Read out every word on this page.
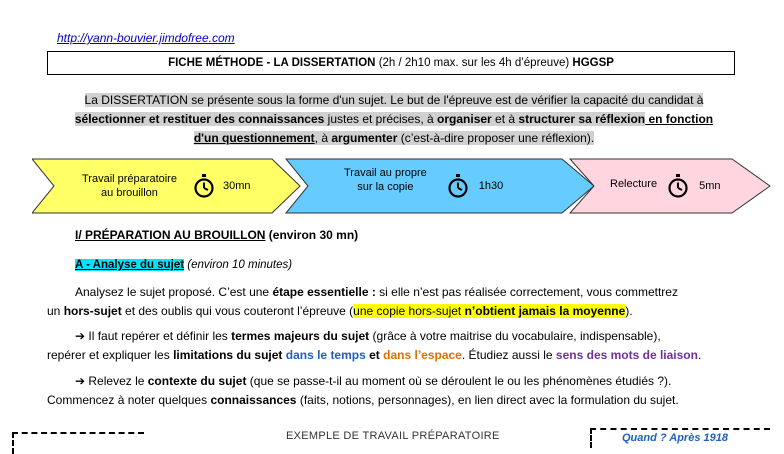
http://yann-bouvier.jimdofree.com
FICHE MÉTHODE - LA DISSERTATION (2h / 2h10 max. sur les 4h d’épreuve) HGGSP
La DISSERTATION se présente sous la forme d'un sujet. Le but de l'épreuve est de vérifier la capacité du candidat à
sélectionner et restituer des connaissances justes et précises, à organiser et à structurer sa réflexion en fonction
d'un questionnement, à argumenter (c’est-à-dire proposer une réflexion).
Travail préparatoire
au brouillon
30mn
Travail au propre
sur la copie	1h30	Relecture	5mn
I/ PRÉPARATION AU BROUILLON (environ 30 mn)
A - Analyse du sujet (environ 10 minutes)
Analysez le sujet proposé. C’est une étape essentielle : si elle n’est pas réalisée correctement, vous commettrez
un hors-sujet et des oublis qui vous couteront l’épreuve (une copie hors-sujet n’obtient jamais la moyenne).
➔ Il faut repérer et définir les termes majeurs du sujet (grâce à votre maitrise du vocabulaire, indispensable),
repérer et expliquer les limitations du sujet dans le temps et dans l’espace. Étudiez aussi le sens des mots de liaison.
➔ Relevez le contexte du sujet (que se passe-t-il au moment où se déroulent le ou les phénomènes étudiés ?).
Commencez à noter quelques connaissances (faits, notions, personnages), en lien direct avec la formulation du sujet.
EXEMPLE DE TRAVAIL PRÉPARATOIRE	Quand ? Après 1918
